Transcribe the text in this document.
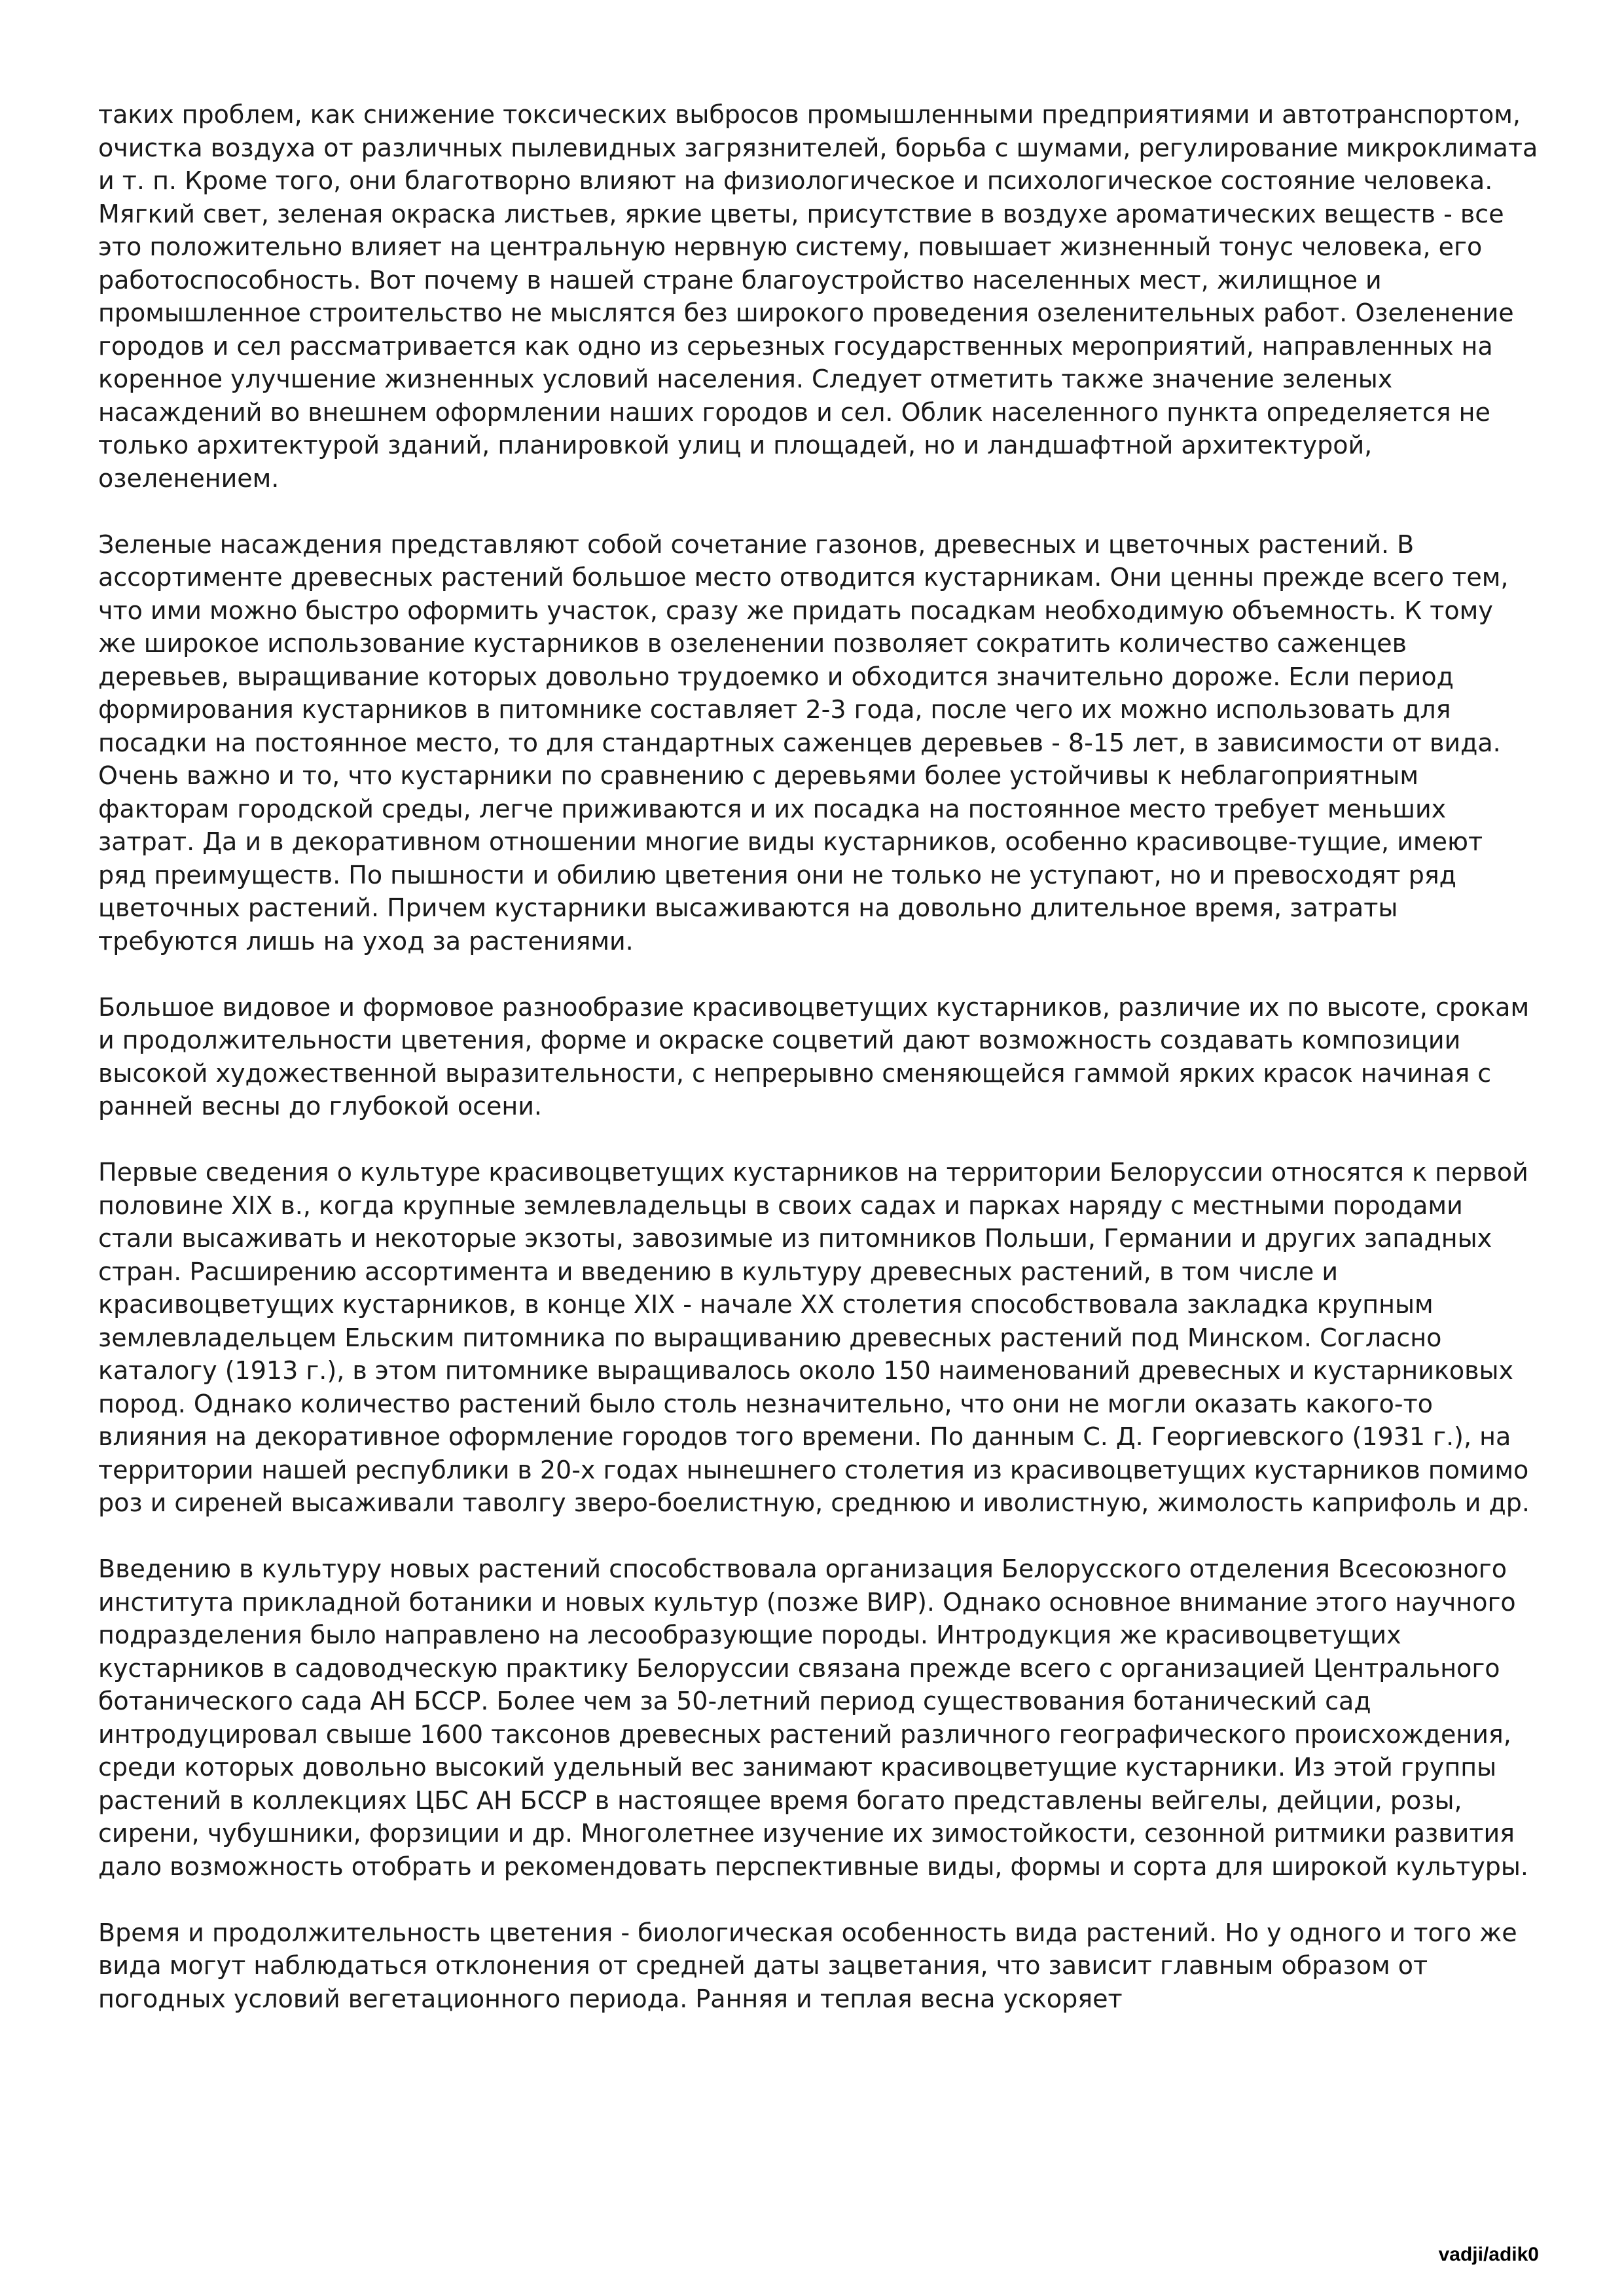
таких проблем, как снижение токсических выбросов промышленными предприятиями и автотранспортом, очистка воздуха от различных пылевидных загрязнителей, борьба с шумами, регулирование микроклимата и т. п. Кроме того, они благотворно влияют на физиологическое и психологическое состояние человека. Мягкий свет, зеленая окраска листьев, яркие цветы, присутствие в воздухе ароматических веществ - все это положительно влияет на центральную нервную систему, повышает жизненный тонус человека, его работоспособность. Вот почему в нашей стране благоустройство населенных мест, жилищное и промышленное строительство не мыслятся без широкого проведения озеленительных работ. Озеленение городов и сел рассматривается как одно из серьезных государственных мероприятий, направленных на коренное улучшение жизненных условий населения. Следует отметить также значение зеленых насаждений во внешнем оформлении наших городов и сел. Облик населенного пункта определяется не только архитектурой зданий, планировкой улиц и площадей, но и ландшафтной архитектурой, озеленением.

Зеленые насаждения представляют собой сочетание газонов, древесных и цветочных растений. В ассортименте древесных растений большое место отводится кустарникам. Они ценны прежде всего тем, что ими можно быстро оформить участок, сразу же придать посадкам необходимую объемность. К тому же широкое использование кустарников в озеленении позволяет сократить количество саженцев деревьев, выращивание которых довольно трудоемко и обходится значительно дороже. Если период формирования кустарников в питомнике составляет 2-3 года, после чего их можно использовать для посадки на постоянное место, то для стандартных саженцев деревьев - 8-15 лет, в зависимости от вида. Очень важно и то, что кустарники по сравнению с деревьями более устойчивы к неблагоприятным факторам городской среды, легче приживаются и их посадка на постоянное место требует меньших затрат. Да и в декоративном отношении многие виды кустарников, особенно красивоцве-тущие, имеют ряд преимуществ. По пышности и обилию цветения они не только не уступают, но и превосходят ряд цветочных растений. Причем кустарники высаживаются на довольно длительное время, затраты требуются лишь на уход за растениями.

Большое видовое и формовое разнообразие красивоцветущих кустарников, различие их по высоте, срокам и продолжительности цветения, форме и окраске соцветий дают возможность создавать композиции высокой художественной выразительности, с непрерывно сменяющейся гаммой ярких красок начиная с ранней весны до глубокой осени.

Первые сведения о культуре красивоцветущих кустарников на территории Белоруссии относятся к первой половине XIX в., когда крупные землевладельцы в своих садах и парках наряду с местными породами стали высаживать и некоторые экзоты, завозимые из питомников Польши, Германии и других западных стран. Расширению ассортимента и введению в культуру древесных растений, в том числе и красивоцветущих кустарников, в конце XIX - начале XX столетия способствовала закладка крупным землевладельцем Ельским питомника по выращиванию древесных растений под Минском. Согласно каталогу (1913 г.), в этом питомнике выращивалось около 150 наименований древесных и кустарниковых пород. Однако количество растений было столь незначительно, что они не могли оказать какого-то влияния на декоративное оформление городов того времени. По данным С. Д. Георгиевского (1931 г.), на территории нашей республики в 20-х годах нынешнего столетия из красивоцветущих кустарников помимо роз и сиреней высаживали таволгу зверо-боелистную, среднюю и иволистную, жимолость каприфоль и др.

Введению в культуру новых растений способствовала организация Белорусского отделения Всесоюзного института прикладной ботаники и новых культур (позже ВИР). Однако основное внимание этого научного подразделения было направлено на лесообразующие породы. Интродукция же красивоцветущих кустарников в садоводческую практику Белоруссии связана прежде всего с организацией Центрального ботанического сада АН БССР. Более чем за 50-летний период существования ботанический сад интродуцировал свыше 1600 таксонов древесных растений различного географического происхождения, среди которых довольно высокий удельный вес занимают красивоцветущие кустарники. Из этой группы растений в коллекциях ЦБС АН БССР в настоящее время богато представлены вейгелы, дейции, розы, сирени, чубушники, форзиции и др. Многолетнее изучение их зимостойкости, сезонной ритмики развития дало возможность отобрать и рекомендовать перспективные виды, формы и сорта для широкой культуры.

Время и продолжительность цветения - биологическая особенность вида растений. Но у одного и того же вида могут наблюдаться отклонения от средней даты зацветания, что зависит главным образом от погодных условий вегетационного периода. Ранняя и теплая весна ускоряет

vadji/adik0
